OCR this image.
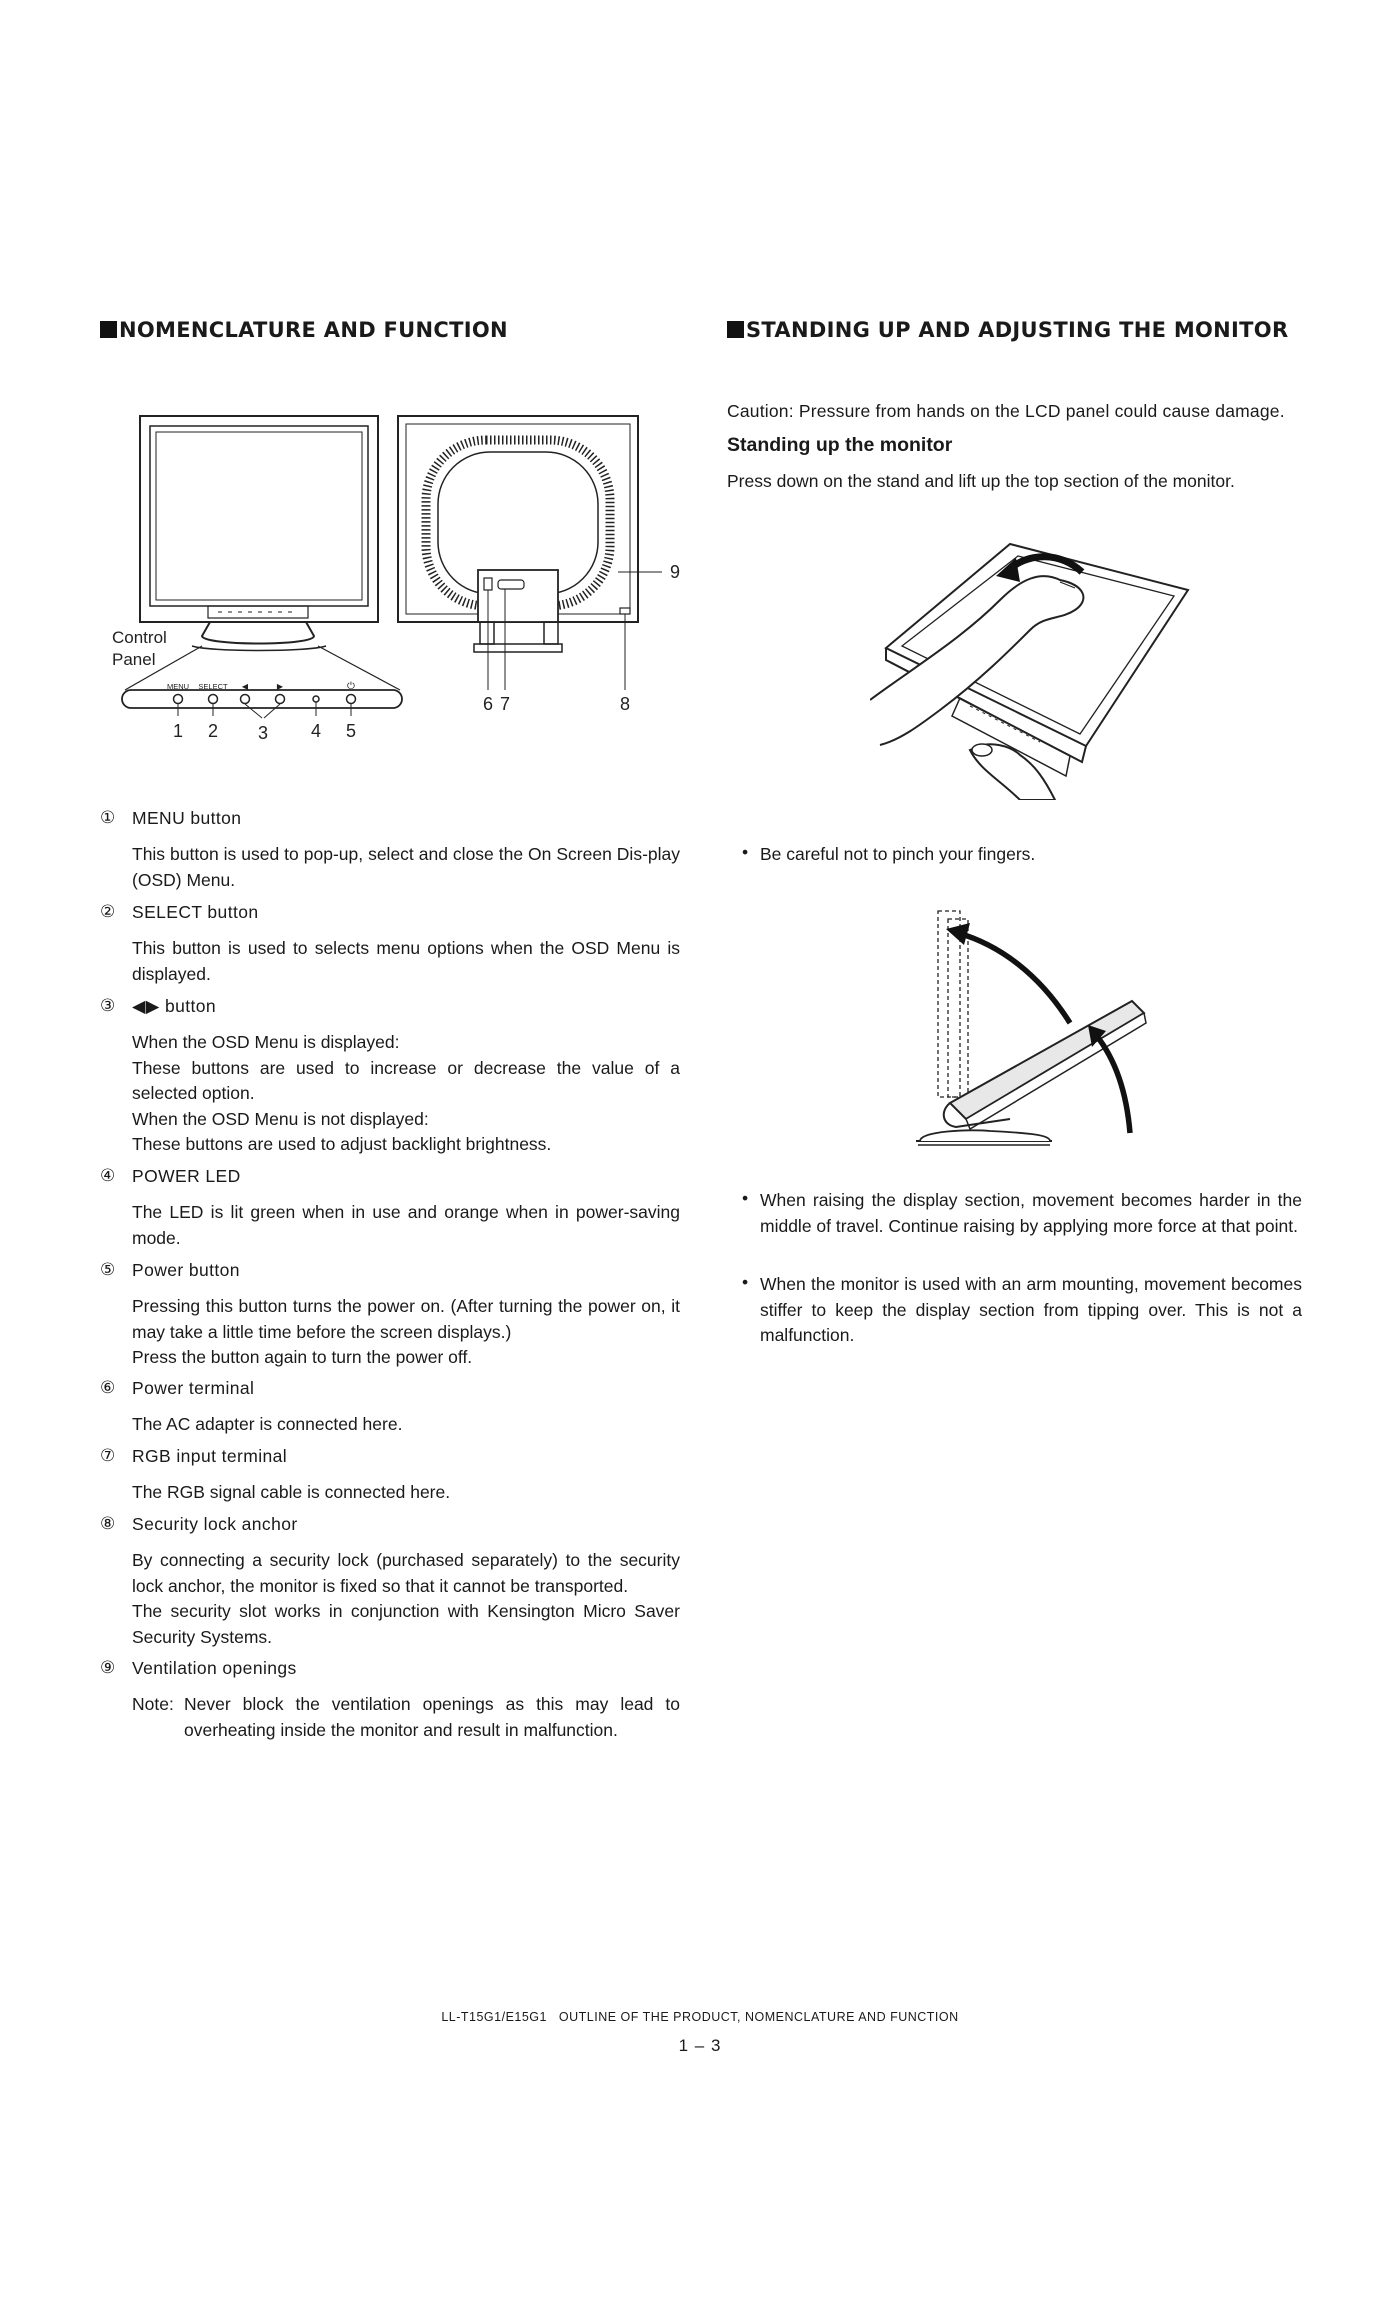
NOMENCLATURE AND FUNCTION	STANDING UP AND ADJUSTING THE MONITOR
MENU SELECT ◀	▶	⏻
Control
Panel
1 2 3 4 5
6 7	8
9
① MENU button

This button is used to pop-up, select and close the On Screen Dis-play (OSD) Menu.

② SELECT button

This button is used to selects menu options when the OSD Menu is displayed.

③ ◀▶ button

When the OSD Menu is displayed:

These buttons are used to increase or decrease the value of a selected option.

When the OSD Menu is not displayed:

These buttons are used to adjust backlight brightness.

④ POWER LED

The LED is lit green when in use and orange when in power-saving mode.

⑤ Power button

Pressing this button turns the power on. (After turning the power on, it may take a little time before the screen displays.)

Press the button again to turn the power off.

⑥ Power terminal

The AC adapter is connected here.

⑦ RGB input terminal

The RGB signal cable is connected here.

⑧ Security lock anchor

By connecting a security lock (purchased separately) to the security lock anchor, the monitor is fixed so that it cannot be transported.

The security slot works in conjunction with Kensington Micro Saver Security Systems.

⑨ Ventilation openings
Note: Never block the ventilation openings as this may lead to overheating inside the monitor and result in malfunction.
Caution: Pressure from hands on the LCD panel could cause damage.
Standing up the monitor
Press down on the stand and lift up the top section of the monitor.
• Be careful not to pinch your fingers.
• When raising the display section, movement becomes harder in the middle of travel. Continue raising by applying more force at that point.
• When the monitor is used with an arm mounting, movement becomes stiffer to keep the display section from tipping over. This is not a malfunction.
LL-T15G1/E15G1   OUTLINE OF THE PRODUCT, NOMENCLATURE AND FUNCTION
1 – 3
